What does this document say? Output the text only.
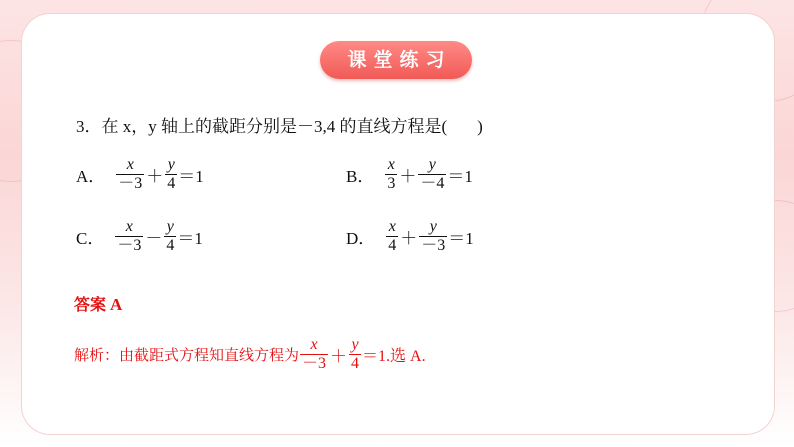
课堂练习
3．在 x，y 轴上的截距分别是－3,4 的直线方程是( )
A． $\frac{x}{-3} + \frac{y}{4} =1$	B． $\frac{x}{3} + \frac{y}{-4} =1$
C． $\frac{x}{-3} - \frac{y}{4} =1$	D． $\frac{x}{4} + \frac{y}{-3} =1$
答案 A
解析：由截距式方程知直线方程为 $\frac{x}{-3} + \frac{y}{4} =1$.选 A.
